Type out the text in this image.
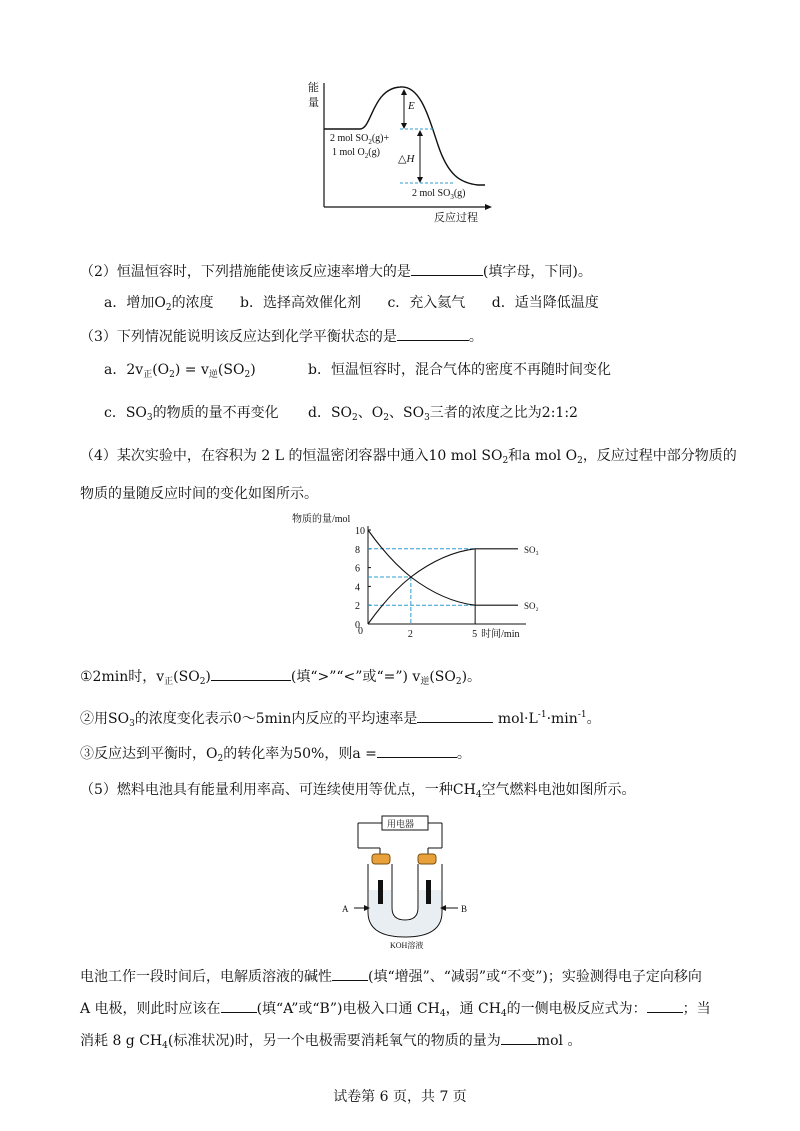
能
量
反应过程
E
△H
2 mol $SO_2(g)+$
1 mol $O_2(g)$
2 mol $SO_3(g)$
（2）恒温恒容时，下列措施能使该反应速率增大的是	(填字母，下同)。
a．增加$O_2$的浓度 b．选择高效催化剂 c．充入氦气 d．适当降低温度
（3）下列情况能说明该反应达到化学平衡状态的是	。
a．$2v_正(O_2) = v_逆(SO_2)$	b．恒温恒容时，混合气体的密度不再随时间变化
c．$SO_3$的物质的量不再变化 d．$SO_2$、$O_2$、$SO_3$三者的浓度之比为2:1:2
（4）某次实验中，在容积为 2 L 的恒温密闭容器中通入10 mol $SO_2$和a mol $O_2$，反应过程中部分物质的
物质的量随反应时间的变化如图所示。
物质的量/mol
时间/min
0
2
4
6
8
10
2	5
0
SO₃
SO₂
①2min时，$v_正(SO_2)$	(填“>”“<”或“=”) $v_逆(SO_2)$。
②用$SO_3$的浓度变化表示0～5min内反应的平均速率是	$mol\cdot L^{-1}\cdot\min^{-1}$。
③反应达到平衡时，$O_2$的转化率为50%，则a =	。
（5）燃料电池具有能量利用率高、可连续使用等优点，一种$CH_4$空气燃料电池如图所示。
用电器
A	B
KOH溶液
电池工作一段时间后，电解质溶液的碱性	(填“增强”、“减弱”或“不变”)；实验测得电子定向移向
A 电极，则此时应该在	(填“A”或“B”)电极入口通 $CH_4$，通 $CH_4$的一侧电极反应式为：	；当
消耗 8 g $CH_4$(标准状况)时，另一个电极需要消耗氧气的物质的量为	mol 。
试卷第 6 页，共 7 页
